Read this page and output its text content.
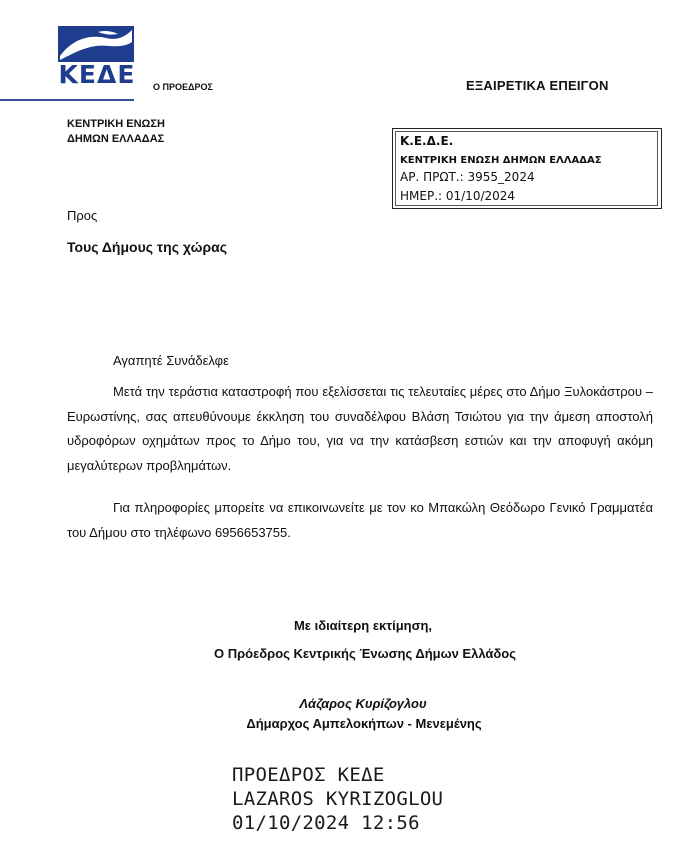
ΚΕΔΕ Ο ΠΡΟΕΔΡΟΣ	ΕΞΑΙΡΕΤΙΚΑ ΕΠΕΙΓΟΝ
ΚΕΝΤΡΙΚΗ ΕΝΩΣΗ
ΔΗΜΩΝ ΕΛΛΑΔΑΣ	Κ.Ε.Δ.Ε.
ΚΕΝΤΡΙΚΗ ΕΝΩΣΗ ΔΗΜΩΝ ΕΛΛΑΔΑΣ
ΑΡ. ΠΡΩΤ.: 3955_2024
ΗΜΕΡ.: 01/10/2024
Προς
Τους Δήμους της χώρας
Αγαπητέ Συνάδελφε

Μετά την τεράστια καταστροφή που εξελίσσεται τις τελευταίες μέρες στο Δήμο Ξυλοκάστρου – Ευρωστίνης, σας απευθύνουμε έκκληση του συναδέλφου Βλάση Τσιώτου για την άμεση αποστολή υδροφόρων οχημάτων προς το Δήμο του, για να την κατάσβεση εστιών και την αποφυγή ακόμη μεγαλύτερων προβλημάτων.

Για πληροφορίες μπορείτε να επικοινωνείτε με τον κο Μπακώλη Θεόδωρο Γενικό Γραμματέα του Δήμου στο τηλέφωνο 6956653755.

Με ιδιαίτερη εκτίμηση,
Ο Πρόεδρος Κεντρικής Ένωσης Δήμων Ελλάδος
Λάζαρος Κυρίζογλου
Δήμαρχος Αμπελοκήπων - Μενεμένης
ΠΡΟΕΔΡΟΣ ΚΕΔΕ
LAZAROS KYRIZOGLOU
01/10/2024 12:56
